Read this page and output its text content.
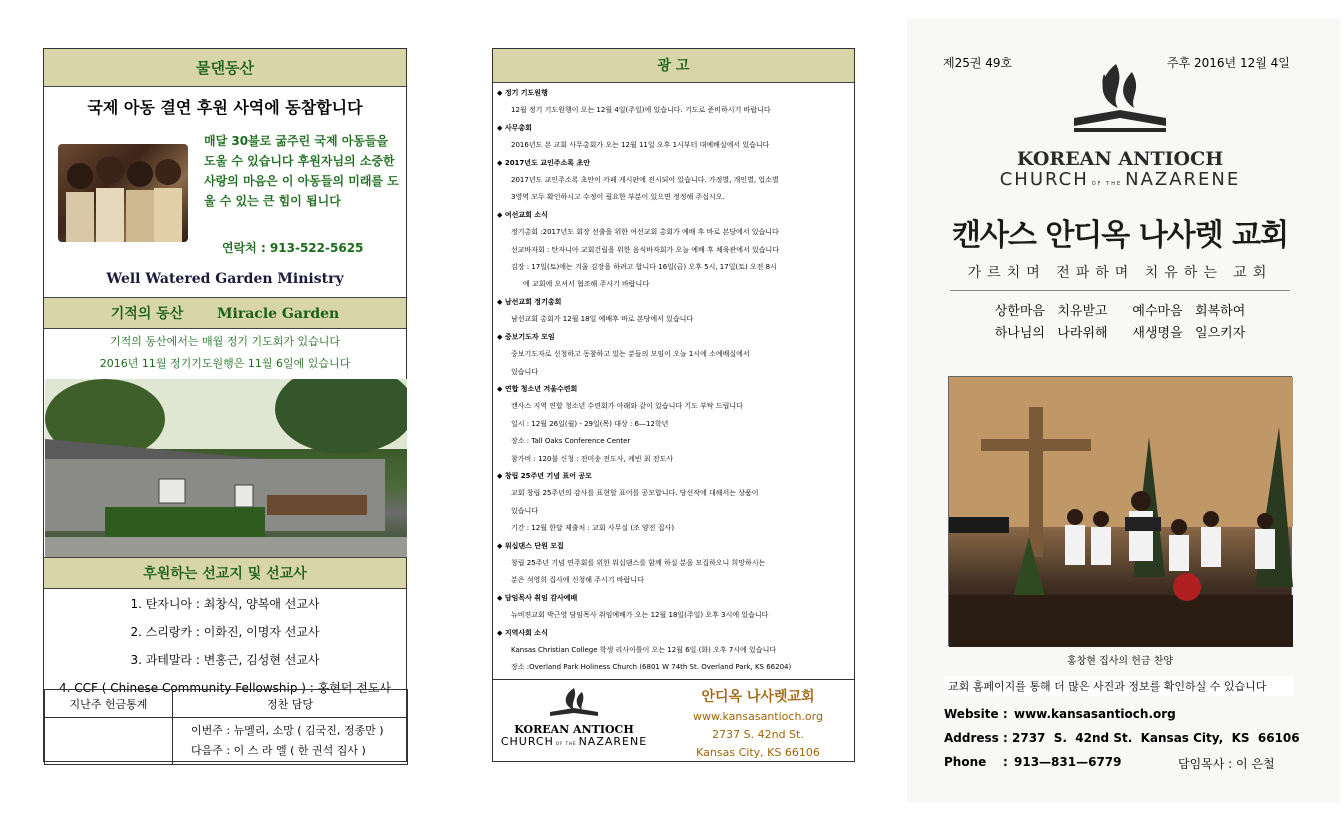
물댄동산
국제 아동 결연 후원 사역에 동참합니다
매달 30불로 굶주린 국제 아동들을 도울 수 있습니다 후원자님의 소중한 사랑의 마음은 이 아동들의 미래를 도울 수 있는 큰 힘이 됩니다
연락처 : 913-522-5625
Well Watered Garden Ministry
기적의 동산 Miracle Garden
기적의 동산에서는 매월 정기 기도회가 있습니다
2016년 11월 정기기도원행은 11월 6일에 있습니다
후원하는 선교지 및 선교사
1. 탄자니아 : 최창식, 양복애 선교사
2. 스리랑카 : 이화진, 이명자 선교사
3. 과테말라 : 변홍근, 김성현 선교사
4. CCF ( Chinese Community Fellowship ) : 홍현덕 전도사
지난주 헌금통계	정찬 담당

	이번주 : 뉴멜리, 소망 ( 김국진, 정종만 )
다음주 : 이 스 라 엘 ( 한 권석 집사 )
광 고
◆ 정기 기도원행
12월 정기 기도원행이 오는 12월 4일(주일)에 있습니다. 기도로 준비하시기 바랍니다
◆ 사무총회
2016년도 본 교회 사무총회가 오는 12월 11일 오후 1시부터 대예배실에서 있습니다
◆ 2017년도 교인주소록 초안
2017년도 교인주소록 초안이 카페 게시판에 전시되어 있습니다. 가정별, 개인별, 업소별
3영역 모두 확인하시고 수정이 필요한 부분이 있으면 정정해 주십시오.
◆ 여선교회 소식
정기총회 :2017년도 회장 선출을 위한 여선교회 총회가 예배 후 바로 본당에서 있습니다
선교바자회 : 탄자니아 교회건립을 위한 음식바자회가 오늘 예배 후 체육관에서 있습니다
김장 : 17일(토)에는 겨울 김장을 하려고 합니다 16일(금) 오후 5시, 17일(토) 오전 8시
에 교회에 오셔서 협조해 주시기 바랍니다
◆ 남선교회 정기총회
남선교회 총회가 12월 18일 예배후 바로 본당에서 있습니다
◆ 중보기도자 모임
중보기도자로 신청하고 동참하고 있는 분들의 모임이 오늘 1시에 소예배실에서
있습니다
◆ 연합 청소년 겨울수련회
캔사스 지역 연합 청소년 수련회가 아래와 같이 있습니다 기도 부탁 드립니다
일시 : 12월 26일(월) - 29일(목) 대상 : 6—12학년
장소 : Tall Oaks Conference Center
참가비 : 120불 신청 : 전미송 전도사, 케빈 최 전도사
◆ 창립 25주년 기념 표어 공모
교회 창립 25주년의 감사를 표현할 표어를 공모합니다. 당선작에 대해서는 상품이
있습니다
기간 : 12월 한달 제출처 : 교회 사무실 (조 양진 집사)
◆ 워십댄스 단원 모집
창립 25주년 기념 연주회를 위한 워십댄스를 함께 하실 분을 모집하오니 희망하시는
분은 석영희 집사에 신청해 주시기 바랍니다
◆ 담임목사 취임 감사예배
뉴비젼교회 박근영 담임목사 취임예배가 오는 12월 18일(주일) 오후 3시에 있습니다
◆ 지역사회 소식
Kansas Christian College 학생 리사이틀이 오는 12월 6일 (화) 오후 7시에 있습니다
장소 :Overland Park Holiness Church (6801 W 74th St. Overland Park, KS 66204)
KOREAN ANTIOCH
CHURCH OF THE NAZARENE
안디옥 나사렛교회
www.kansasantioch.org
2737 S. 42nd St.
Kansas City, KS 66106
제25권 49호	주후 2016년 12월 4일
KOREAN ANTIOCH
CHURCH OF THE NAZARENE
캔사스 안디옥 나사렛 교회
가르치며 전파하며 치유하는 교회
상한마음   치유받고      예수마음   회복하여
하나님의   나라위해      새생명을   일으키자
홍창현 집사의 헌금 찬양
교회 홈페이지를 통해 더 많은 사진과 정보를 확인하실 수 있습니다
Website : www.kansasantioch.org
Address : 2737  S.  42nd St.  Kansas City,  KS  66106
Phone    : 913—831—6779	담임목사 : 이 은철
